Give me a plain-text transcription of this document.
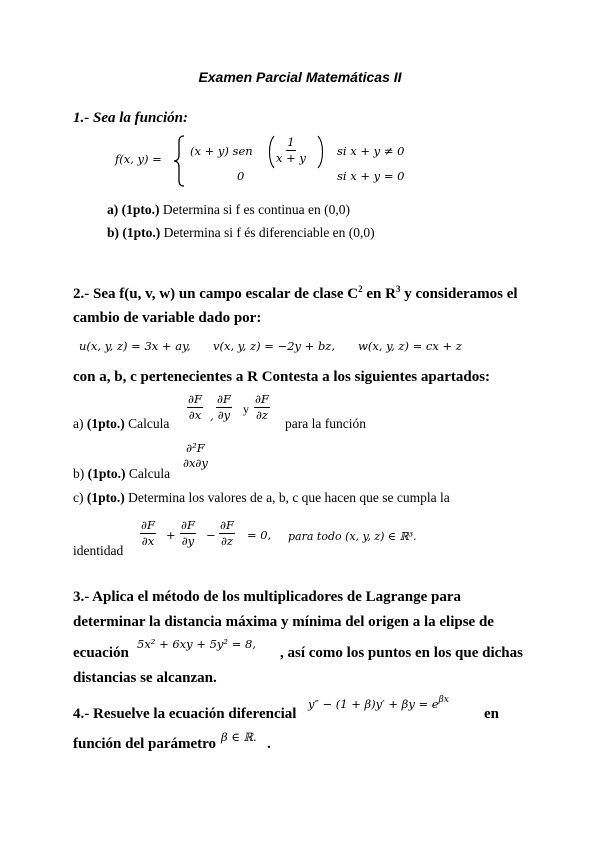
Examen Parcial Matemáticas II
1.- Sea la función:
f(x, y) =
(x + y) sen $\frac{1}{x + y}$	si x + y ≠ 0
0	si x + y = 0
a) (1pto.) Determina si f es continua en (0,0)
b) (1pto.) Determina si f és diferenciable en (0,0)
2.- Sea f(u, v, w) un campo escalar de clase $C^2$ en $R^3$ y consideramos el
cambio de variable dado por:
u(x, y, z) = 3x + ay, v(x, y, z) = −2y + bz, w(x, y, z) = cx + z
con a, b, c pertenecientes a R Contesta a los siguientes apartados:
a) (1pto.) Calcula
$\frac{\partial F}{\partial x}$ , $\frac{\partial F}{\partial y}$ y $\frac{\partial F}{\partial z}$
para la función
b) (1pto.) Calcula
∂²F
∂x∂y
c) (1pto.) Determina los valores de a, b, c que hacen que se cumpla la
identidad
$\frac{\partial F}{\partial x} + \frac{\partial F}{\partial y} - \frac{\partial F}{\partial z} = 0$, para todo (x, y, z) ∈ ℝ³.
3.- Aplica el método de los multiplicadores de Lagrange para
determinar la distancia máxima y mínima del origen a la elipse de
ecuación
5x² + 6xy + 5y² = 8,
, así como los puntos en los que dichas
distancias se alcanzan.
4.- Resuelve la ecuación diferencial
$y'' - (1 + \beta)y' + \beta y = e^{\beta x}$
en
función del parámetro β ∈ ℝ. .
